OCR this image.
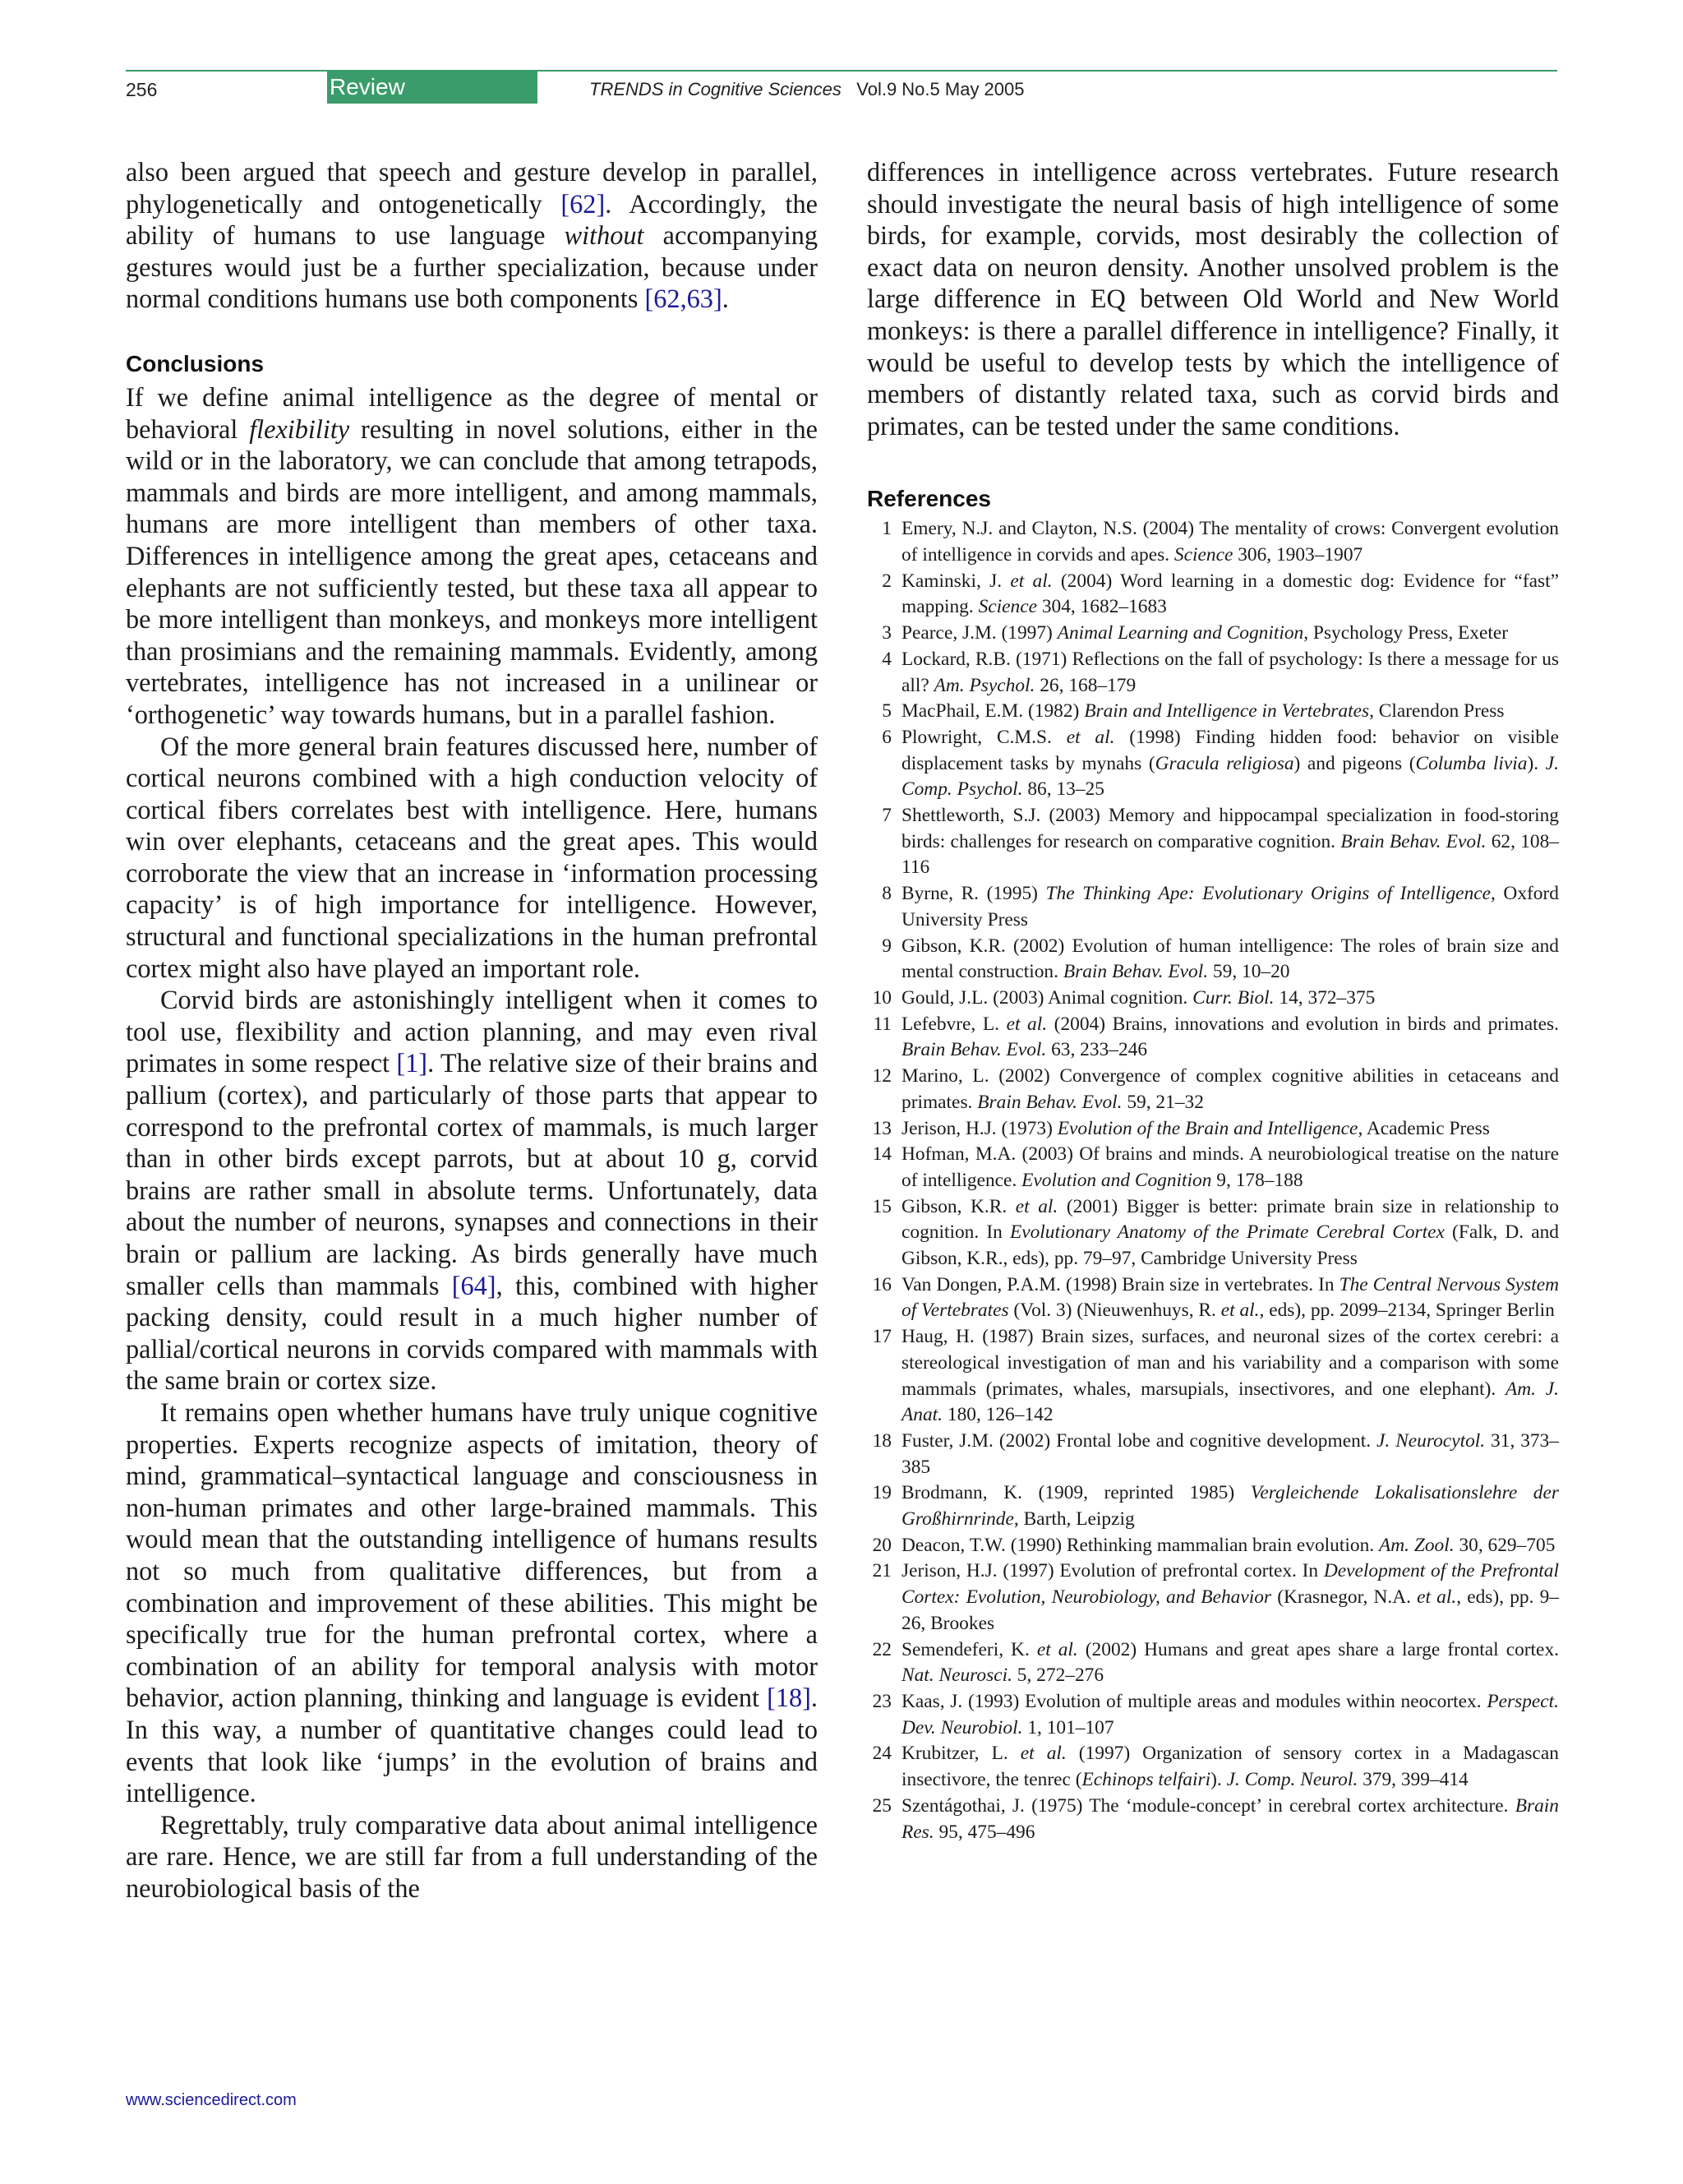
256	Review	TRENDS in Cognitive Sciences Vol.9 No.5 May 2005

also been argued that speech and gesture develop in parallel, phylogenetically and ontogenetically [62]. Accordingly, the ability of humans to use language without accompanying gestures would just be a further specialization, because under normal conditions humans use both components [62,63].

Conclusions

If we define animal intelligence as the degree of mental or behavioral flexibility resulting in novel solutions, either in the wild or in the laboratory, we can conclude that among tetrapods, mammals and birds are more intelligent, and among mammals, humans are more intelligent than members of other taxa. Differences in intelligence among the great apes, cetaceans and elephants are not sufficiently tested, but these taxa all appear to be more intelligent than monkeys, and monkeys more intelligent than prosimians and the remaining mammals. Evidently, among vertebrates, intelligence has not increased in a unilinear or ‘orthogenetic’ way towards humans, but in a parallel fashion.

Of the more general brain features discussed here, number of cortical neurons combined with a high conduction velocity of cortical fibers correlates best with intelligence. Here, humans win over elephants, cetaceans and the great apes. This would corroborate the view that an increase in ‘information processing capacity’ is of high importance for intelligence. However, structural and functional specializations in the human prefrontal cortex might also have played an important role.

Corvid birds are astonishingly intelligent when it comes to tool use, flexibility and action planning, and may even rival primates in some respect [1]. The relative size of their brains and pallium (cortex), and particularly of those parts that appear to correspond to the prefrontal cortex of mammals, is much larger than in other birds except parrots, but at about 10 g, corvid brains are rather small in absolute terms. Unfortunately, data about the number of neurons, synapses and connections in their brain or pallium are lacking. As birds generally have much smaller cells than mammals [64], this, combined with higher packing density, could result in a much higher number of pallial/cortical neurons in corvids compared with mammals with the same brain or cortex size.

It remains open whether humans have truly unique cognitive properties. Experts recognize aspects of imitation, theory of mind, grammatical–syntactical language and consciousness in non-human primates and other large-brained mammals. This would mean that the outstanding intelligence of humans results not so much from qualitative differences, but from a combination and improvement of these abilities. This might be specifically true for the human prefrontal cortex, where a combination of an ability for temporal analysis with motor behavior, action planning, thinking and language is evident [18]. In this way, a number of quantitative changes could lead to events that look like ‘jumps’ in the evolution of brains and intelligence.

Regrettably, truly comparative data about animal intelligence are rare. Hence, we are still far from a full understanding of the neurobiological basis of the

differences in intelligence across vertebrates. Future research should investigate the neural basis of high intelligence of some birds, for example, corvids, most desirably the collection of exact data on neuron density. Another unsolved problem is the large difference in EQ between Old World and New World monkeys: is there a parallel difference in intelligence? Finally, it would be useful to develop tests by which the intelligence of members of distantly related taxa, such as corvid birds and primates, can be tested under the same conditions.

References
1 Emery, N.J. and Clayton, N.S. (2004) The mentality of crows: Convergent evolution of intelligence in corvids and apes. Science 306, 1903–1907
2 Kaminski, J. et al. (2004) Word learning in a domestic dog: Evidence for “fast” mapping. Science 304, 1682–1683
3 Pearce, J.M. (1997) Animal Learning and Cognition, Psychology Press, Exeter
4 Lockard, R.B. (1971) Reflections on the fall of psychology: Is there a message for us all? Am. Psychol. 26, 168–179
5 MacPhail, E.M. (1982) Brain and Intelligence in Vertebrates, Clarendon Press
6 Plowright, C.M.S. et al. (1998) Finding hidden food: behavior on visible displacement tasks by mynahs (Gracula religiosa) and pigeons (Columba livia). J. Comp. Psychol. 86, 13–25
7 Shettleworth, S.J. (2003) Memory and hippocampal specialization in food-storing birds: challenges for research on comparative cognition. Brain Behav. Evol. 62, 108–116
8 Byrne, R. (1995) The Thinking Ape: Evolutionary Origins of Intelligence, Oxford University Press
9 Gibson, K.R. (2002) Evolution of human intelligence: The roles of brain size and mental construction. Brain Behav. Evol. 59, 10–20
10 Gould, J.L. (2003) Animal cognition. Curr. Biol. 14, 372–375
11 Lefebvre, L. et al. (2004) Brains, innovations and evolution in birds and primates. Brain Behav. Evol. 63, 233–246
12 Marino, L. (2002) Convergence of complex cognitive abilities in cetaceans and primates. Brain Behav. Evol. 59, 21–32
13 Jerison, H.J. (1973) Evolution of the Brain and Intelligence, Academic Press
14 Hofman, M.A. (2003) Of brains and minds. A neurobiological treatise on the nature of intelligence. Evolution and Cognition 9, 178–188
15 Gibson, K.R. et al. (2001) Bigger is better: primate brain size in relationship to cognition. In Evolutionary Anatomy of the Primate Cerebral Cortex (Falk, D. and Gibson, K.R., eds), pp. 79–97, Cambridge University Press
16 Van Dongen, P.A.M. (1998) Brain size in vertebrates. In The Central Nervous System of Vertebrates (Vol. 3) (Nieuwenhuys, R. et al., eds), pp. 2099–2134, Springer Berlin
17 Haug, H. (1987) Brain sizes, surfaces, and neuronal sizes of the cortex cerebri: a stereological investigation of man and his variability and a comparison with some mammals (primates, whales, marsupials, insectivores, and one elephant). Am. J. Anat. 180, 126–142
18 Fuster, J.M. (2002) Frontal lobe and cognitive development. J. Neurocytol. 31, 373–385
19 Brodmann, K. (1909, reprinted 1985) Vergleichende Lokalisationslehre der Großhirnrinde, Barth, Leipzig
20 Deacon, T.W. (1990) Rethinking mammalian brain evolution. Am. Zool. 30, 629–705
21 Jerison, H.J. (1997) Evolution of prefrontal cortex. In Development of the Prefrontal Cortex: Evolution, Neurobiology, and Behavior (Krasnegor, N.A. et al., eds), pp. 9–26, Brookes
22 Semendeferi, K. et al. (2002) Humans and great apes share a large frontal cortex. Nat. Neurosci. 5, 272–276
23 Kaas, J. (1993) Evolution of multiple areas and modules within neocortex. Perspect. Dev. Neurobiol. 1, 101–107
24 Krubitzer, L. et al. (1997) Organization of sensory cortex in a Madagascan insectivore, the tenrec (Echinops telfairi). J. Comp. Neurol. 379, 399–414
25 Szentágothai, J. (1975) The ‘module-concept’ in cerebral cortex architecture. Brain Res. 95, 475–496
www.sciencedirect.com
